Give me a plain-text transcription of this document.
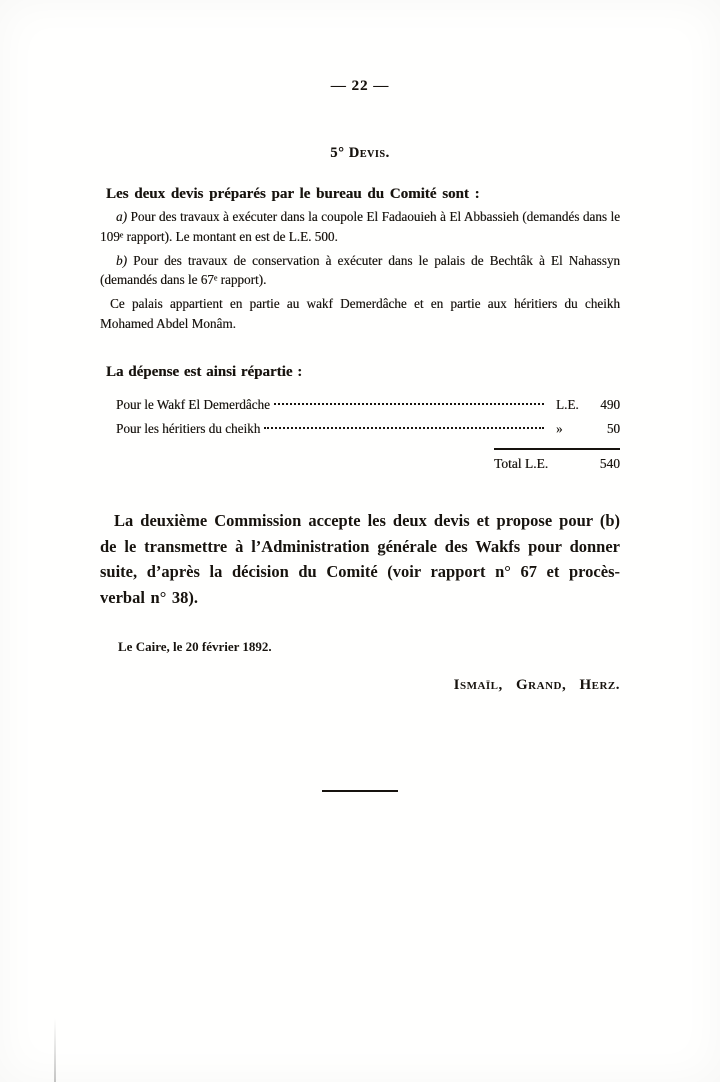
— 22 —
5° Devis.

Les deux devis préparés par le bureau du Comité sont :

a) Pour des travaux à exécuter dans la coupole El Fadaouieh à El Abbassieh (demandés dans le 109ᵉ rapport). Le montant en est de L.E. 500.

b) Pour des travaux de conservation à exécuter dans le palais de Bechtâk à El Nahassyn (demandés dans le 67ᵉ rapport).

Ce palais appartient en partie au wakf Demerdâche et en partie aux héritiers du cheikh Mohamed Abdel Monâm.

La dépense est ainsi répartie :

Pour le Wakf El Demerdâche	L.E.	490
Pour les héritiers du cheikh	»	50
Total L.E.	540

La deuxième Commission accepte les deux devis et propose pour (b) de le transmettre à l’Administration générale des Wakfs pour donner suite, d’après la décision du Comité (voir rapport n° 67 et procès-verbal n° 38).

Le Caire, le 20 février 1892.

Ismaïl, Grand, Herz.
